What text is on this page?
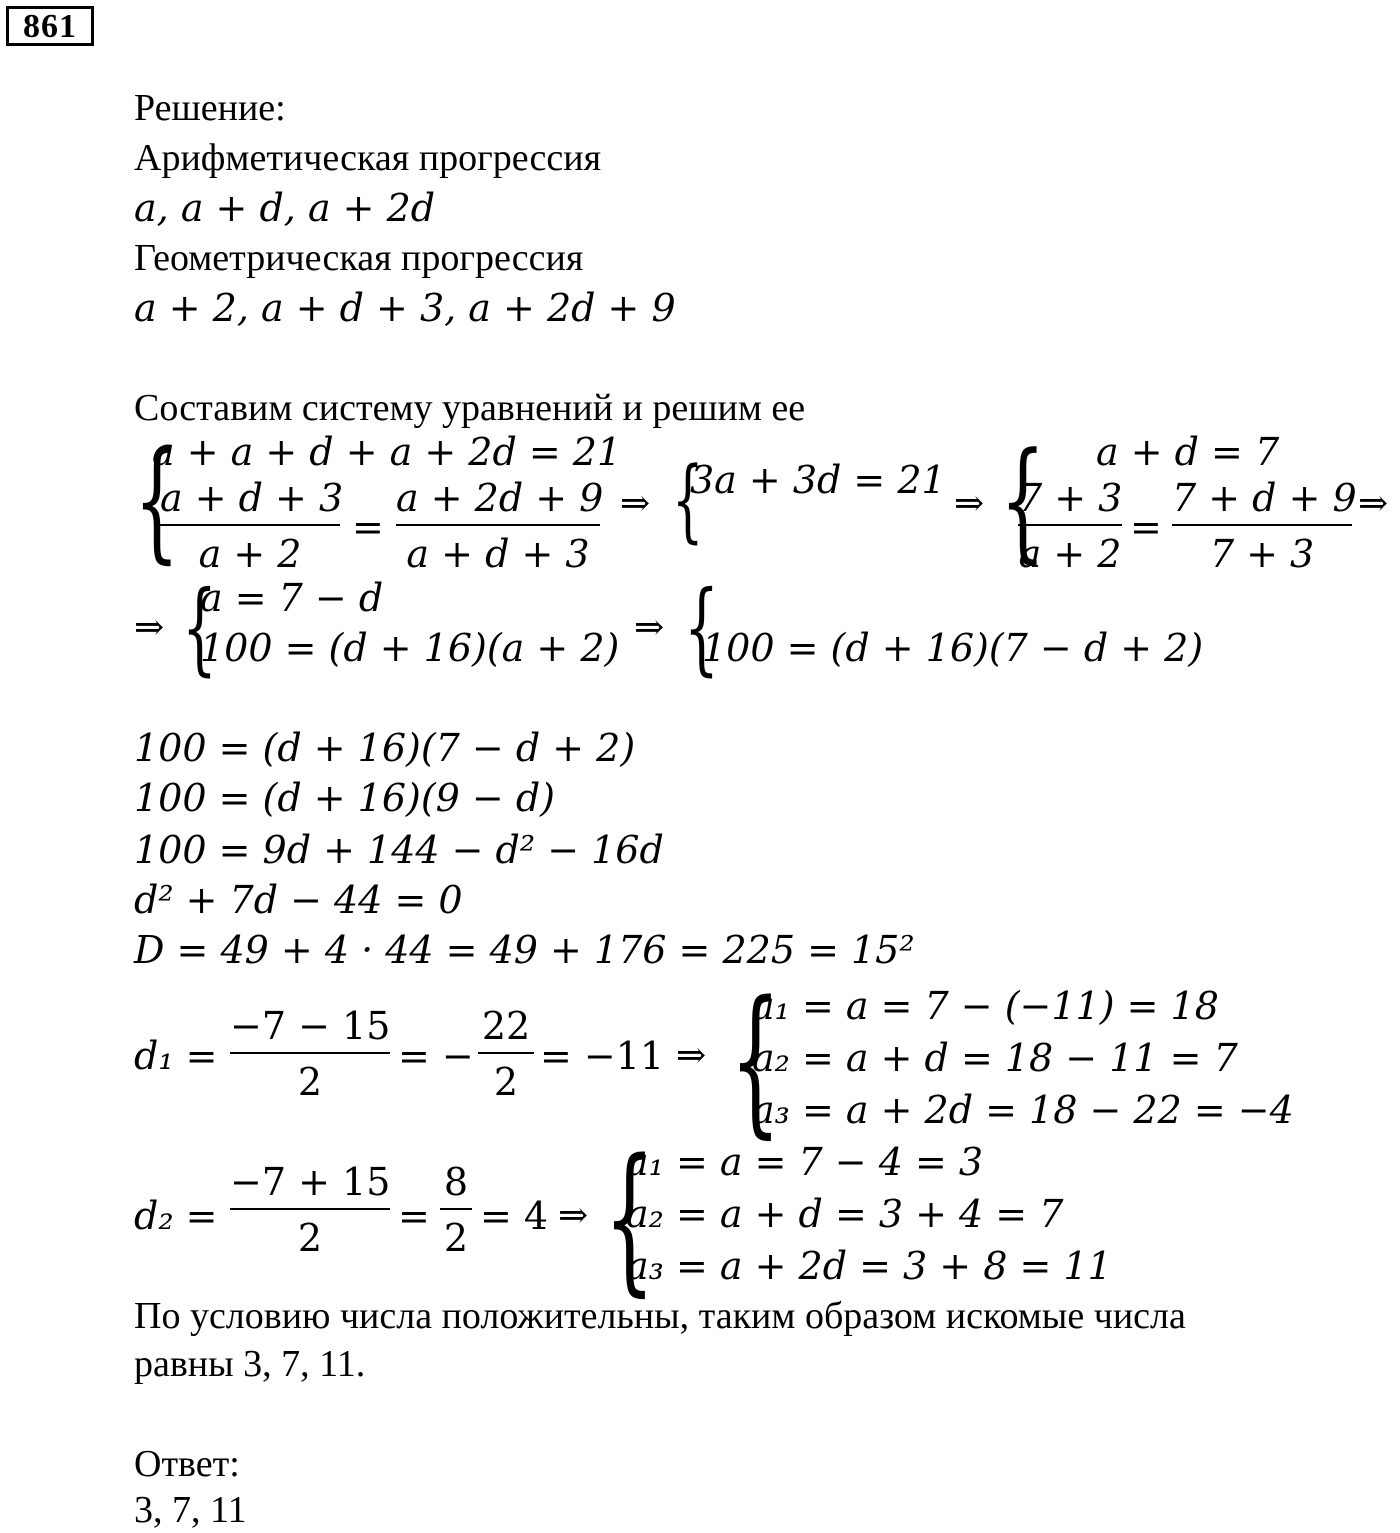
861
Решение:
Арифметическая прогрессия
a, a + d, a + 2d
Геометрическая прогрессия
a + 2, a + d + 3, a + 2d + 9
Составим систему уравнений и решим ее
{
a + a + d + a + 2d = 21
a + d + 3
a + 2
=
a + 2d + 9
a + d + 3
⇒ {
3a + 3d = 21
⇒ { a + d = 7
7 + 3
a + 2
=
7 + d + 9
7 + 3
⇒
⇒ {
a = 7 − d
100 = (d + 16)(a + 2) ⇒ {
100 = (d + 16)(7 − d + 2)
100 = (d + 16)(7 − d + 2)
100 = (d + 16)(9 − d)
100 = 9d + 144 − d² − 16d
d² + 7d − 44 = 0
D = 49 + 4 · 44 = 49 + 176 = 225 = 15²
d₁ =
−7 − 15
2
= −
22
2
= −11 ⇒ {
a₁ = a = 7 − (−11) = 18
a₂ = a + d = 18 − 11 = 7
a₃ = a + 2d = 18 − 22 = −4
d₂ =
−7 + 15
2	=
8
2 = 4 ⇒ {
a₁ = a = 7 − 4 = 3
a₂ = a + d = 3 + 4 = 7
a₃ = a + 2d = 3 + 8 = 11
По условию числа положительны, таким образом искомые числа
равны 3, 7, 11.
Ответ:
3, 7, 11
